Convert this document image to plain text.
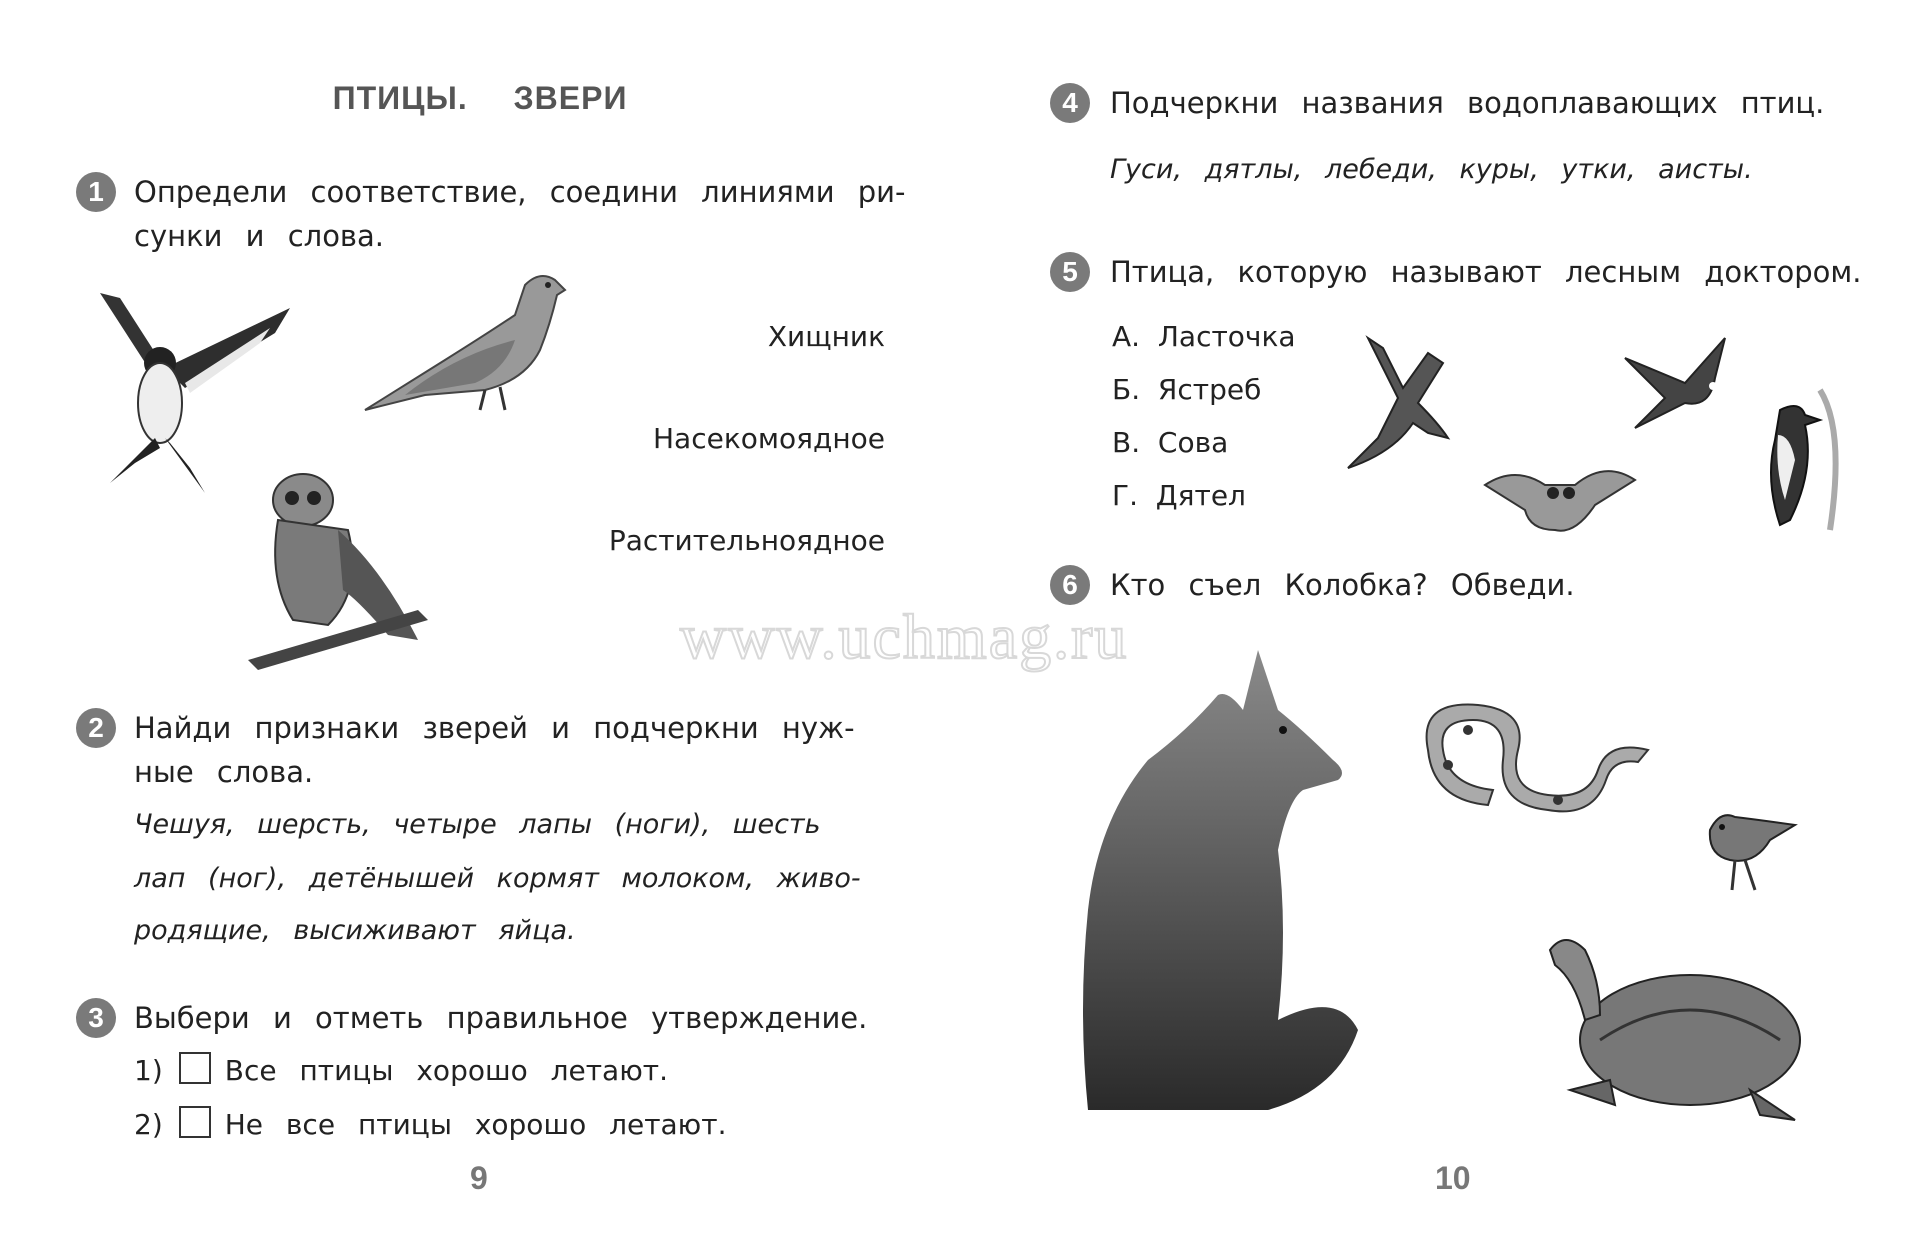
ПТИЦЫ. ЗВЕРИ
1	Определи соответствие, соедини линиями ри-
сунки и слова.
Хищник
Насекомоядное
Растительноядное
2	Найди признаки зверей и подчеркни нуж-
ные слова.
Чешуя, шерсть, четыре лапы (ноги), шесть
лап (ног), детёнышей кормят молоком, живо-
родящие, высиживают яйца.
3	Выбери и отметь правильное утверждение.
1) Все птицы хорошо летают.
2) Не все птицы хорошо летают.
9
4	Подчеркни названия водоплавающих птиц.
Гуси, дятлы, лебеди, куры, утки, аисты.
5	Птица, которую называют лесным доктором.
А. Ласточка
Б. Ястреб
В. Сова
Г. Дятел
6	Кто съел Колобка? Обведи.
10
www.uchmag.ru
